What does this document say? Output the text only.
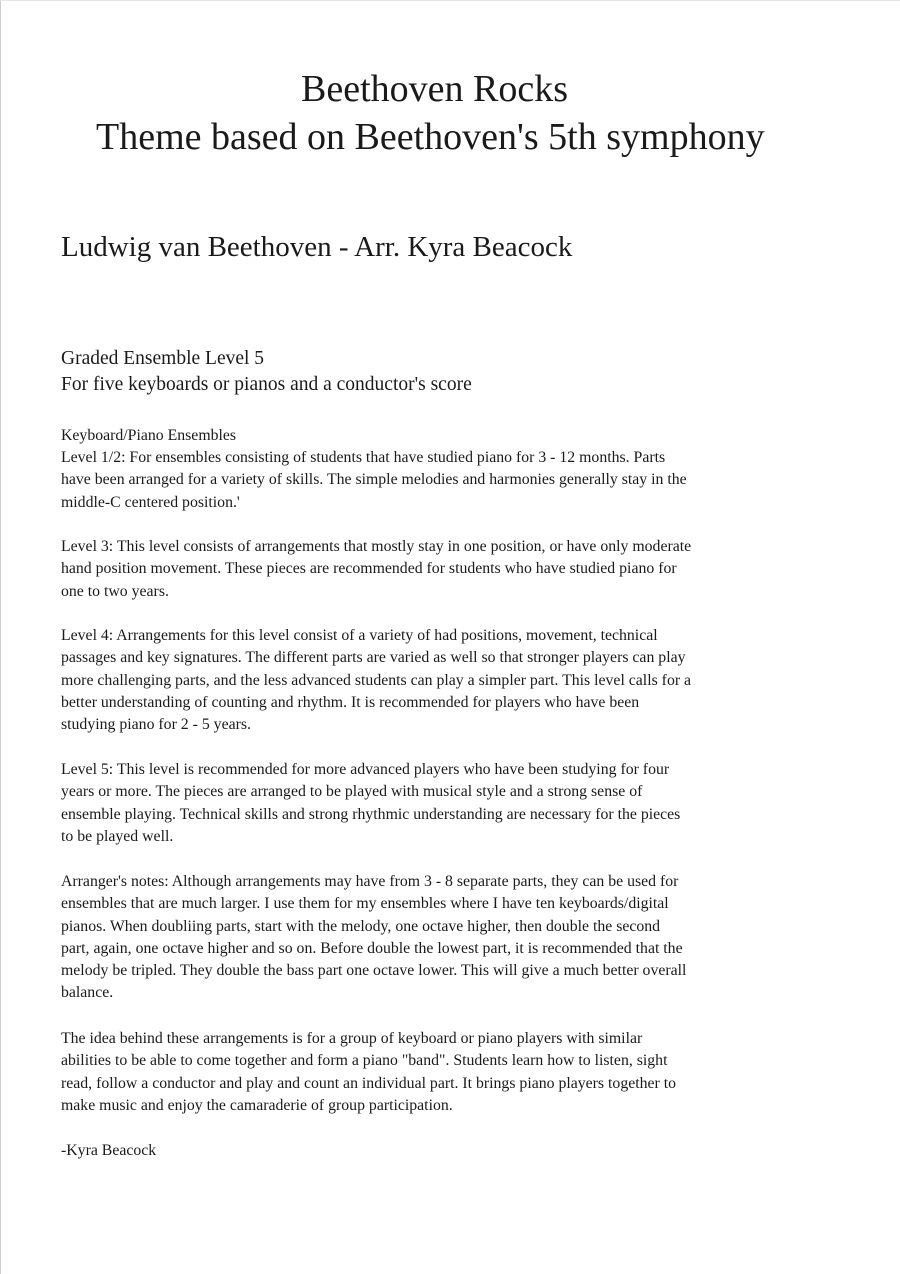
Beethoven Rocks
Theme based on Beethoven's 5th symphony
Ludwig van Beethoven - Arr. Kyra Beacock

Graded Ensemble Level 5

For five keyboards or pianos and a conductor's score

Keyboard/Piano Ensembles
Level 1/2: For ensembles consisting of students that have studied piano for 3 - 12 months. Parts
have been arranged for a variety of skills. The simple melodies and harmonies generally stay in the
middle-C centered position.'
Level 3: This level consists of arrangements that mostly stay in one position, or have only moderate
hand position movement. These pieces are recommended for students who have studied piano for
one to two years.
Level 4: Arrangements for this level consist of a variety of had positions, movement, technical
passages and key signatures. The different parts are varied as well so that stronger players can play
more challenging parts, and the less advanced students can play a simpler part. This level calls for a
better understanding of counting and rhythm. It is recommended for players who have been
studying piano for 2 - 5 years.
Level 5: This level is recommended for more advanced players who have been studying for four
years or more. The pieces are arranged to be played with musical style and a strong sense of
ensemble playing. Technical skills and strong rhythmic understanding are necessary for the pieces
to be played well.
Arranger's notes: Although arrangements may have from 3 - 8 separate parts, they can be used for
ensembles that are much larger. I use them for my ensembles where I have ten keyboards/digital
pianos. When doubliing parts, start with the melody, one octave higher, then double the second
part, again, one octave higher and so on. Before double the lowest part, it is recommended that the
melody be tripled. They double the bass part one octave lower. This will give a much better overall
balance.
The idea behind these arrangements is for a group of keyboard or piano players with similar
abilities to be able to come together and form a piano "band". Students learn how to listen, sight
read, follow a conductor and play and count an individual part. It brings piano players together to
make music and enjoy the camaraderie of group participation.
-Kyra Beacock
